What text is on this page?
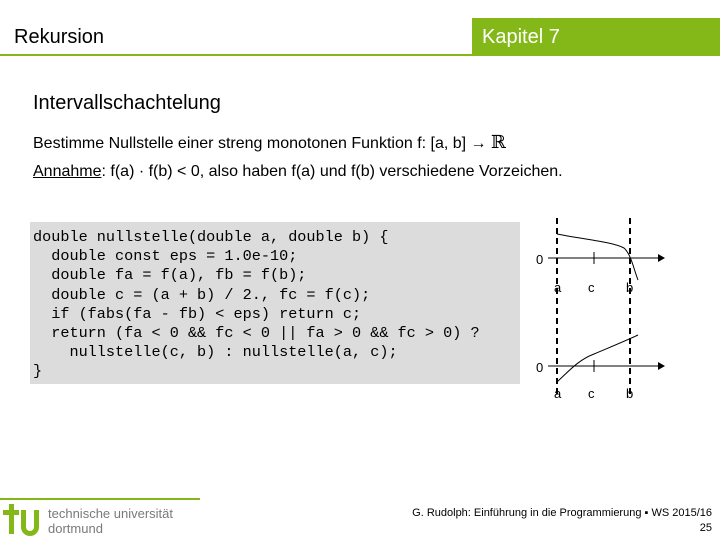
Rekursion	Kapitel 7
Intervallschachtelung
Bestimme Nullstelle einer streng monotonen Funktion f: [a, b] → ℝ
Annahme: f(a) · f(b) < 0, also haben f(a) und f(b) verschiedene Vorzeichen.
double nullstelle(double a, double b) {
double const eps = 1.0e-10;
double fa = f(a), fb = f(b);
double c = (a + b) / 2., fc = f(c);
if (fabs(fa - fb) < eps) return c;
return (fa < 0 && fc < 0 || fa > 0 && fc > 0) ?
nullstelle(c, b) : nullstelle(a, c);
}
0
a c b
0
a c b
technische universität
dortmund
G. Rudolph: Einführung in die Programmierung ▪ WS 2015/16
25
